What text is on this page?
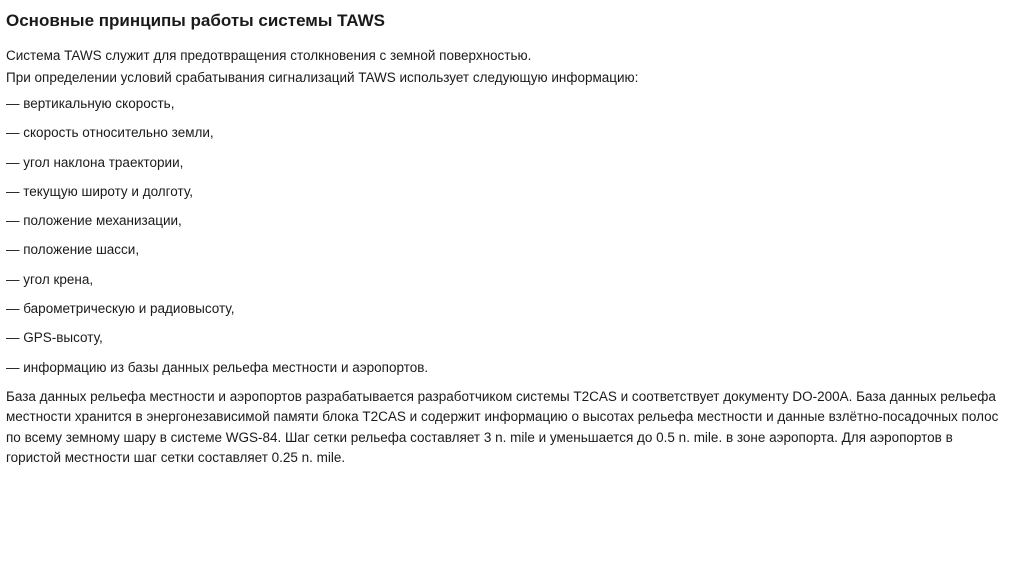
Основные принципы работы системы TAWS

Система TAWS служит для предотвращения столкновения с земной поверхностью.

При определении условий срабатывания сигнализаций TAWS использует следующую информацию:

— вертикальную скорость,
— скорость относительно земли,
— угол наклона траектории,
— текущую широту и долготу,
— положение механизации,
— положение шасси,
— угол крена,
— барометрическую и радиовысоту,
— GPS-высоту,
— информацию из базы данных рельефа местности и аэропортов.

База данных рельефа местности и аэропортов разрабатывается разработчиком системы T2CAS и соответствует документу DO-200A. База данных рельефа

местности хранится в энергонезависимой памяти блока T2CAS и содержит информацию о высотах рельефа местности и данные взлётно-посадочных полос

по всему земному шару в системе WGS-84. Шаг сетки рельефа составляет 3 n. mile и уменьшается до 0.5 n. mile. в зоне аэропорта. Для аэропортов в

гористой местности шаг сетки составляет 0.25 n. mile.
